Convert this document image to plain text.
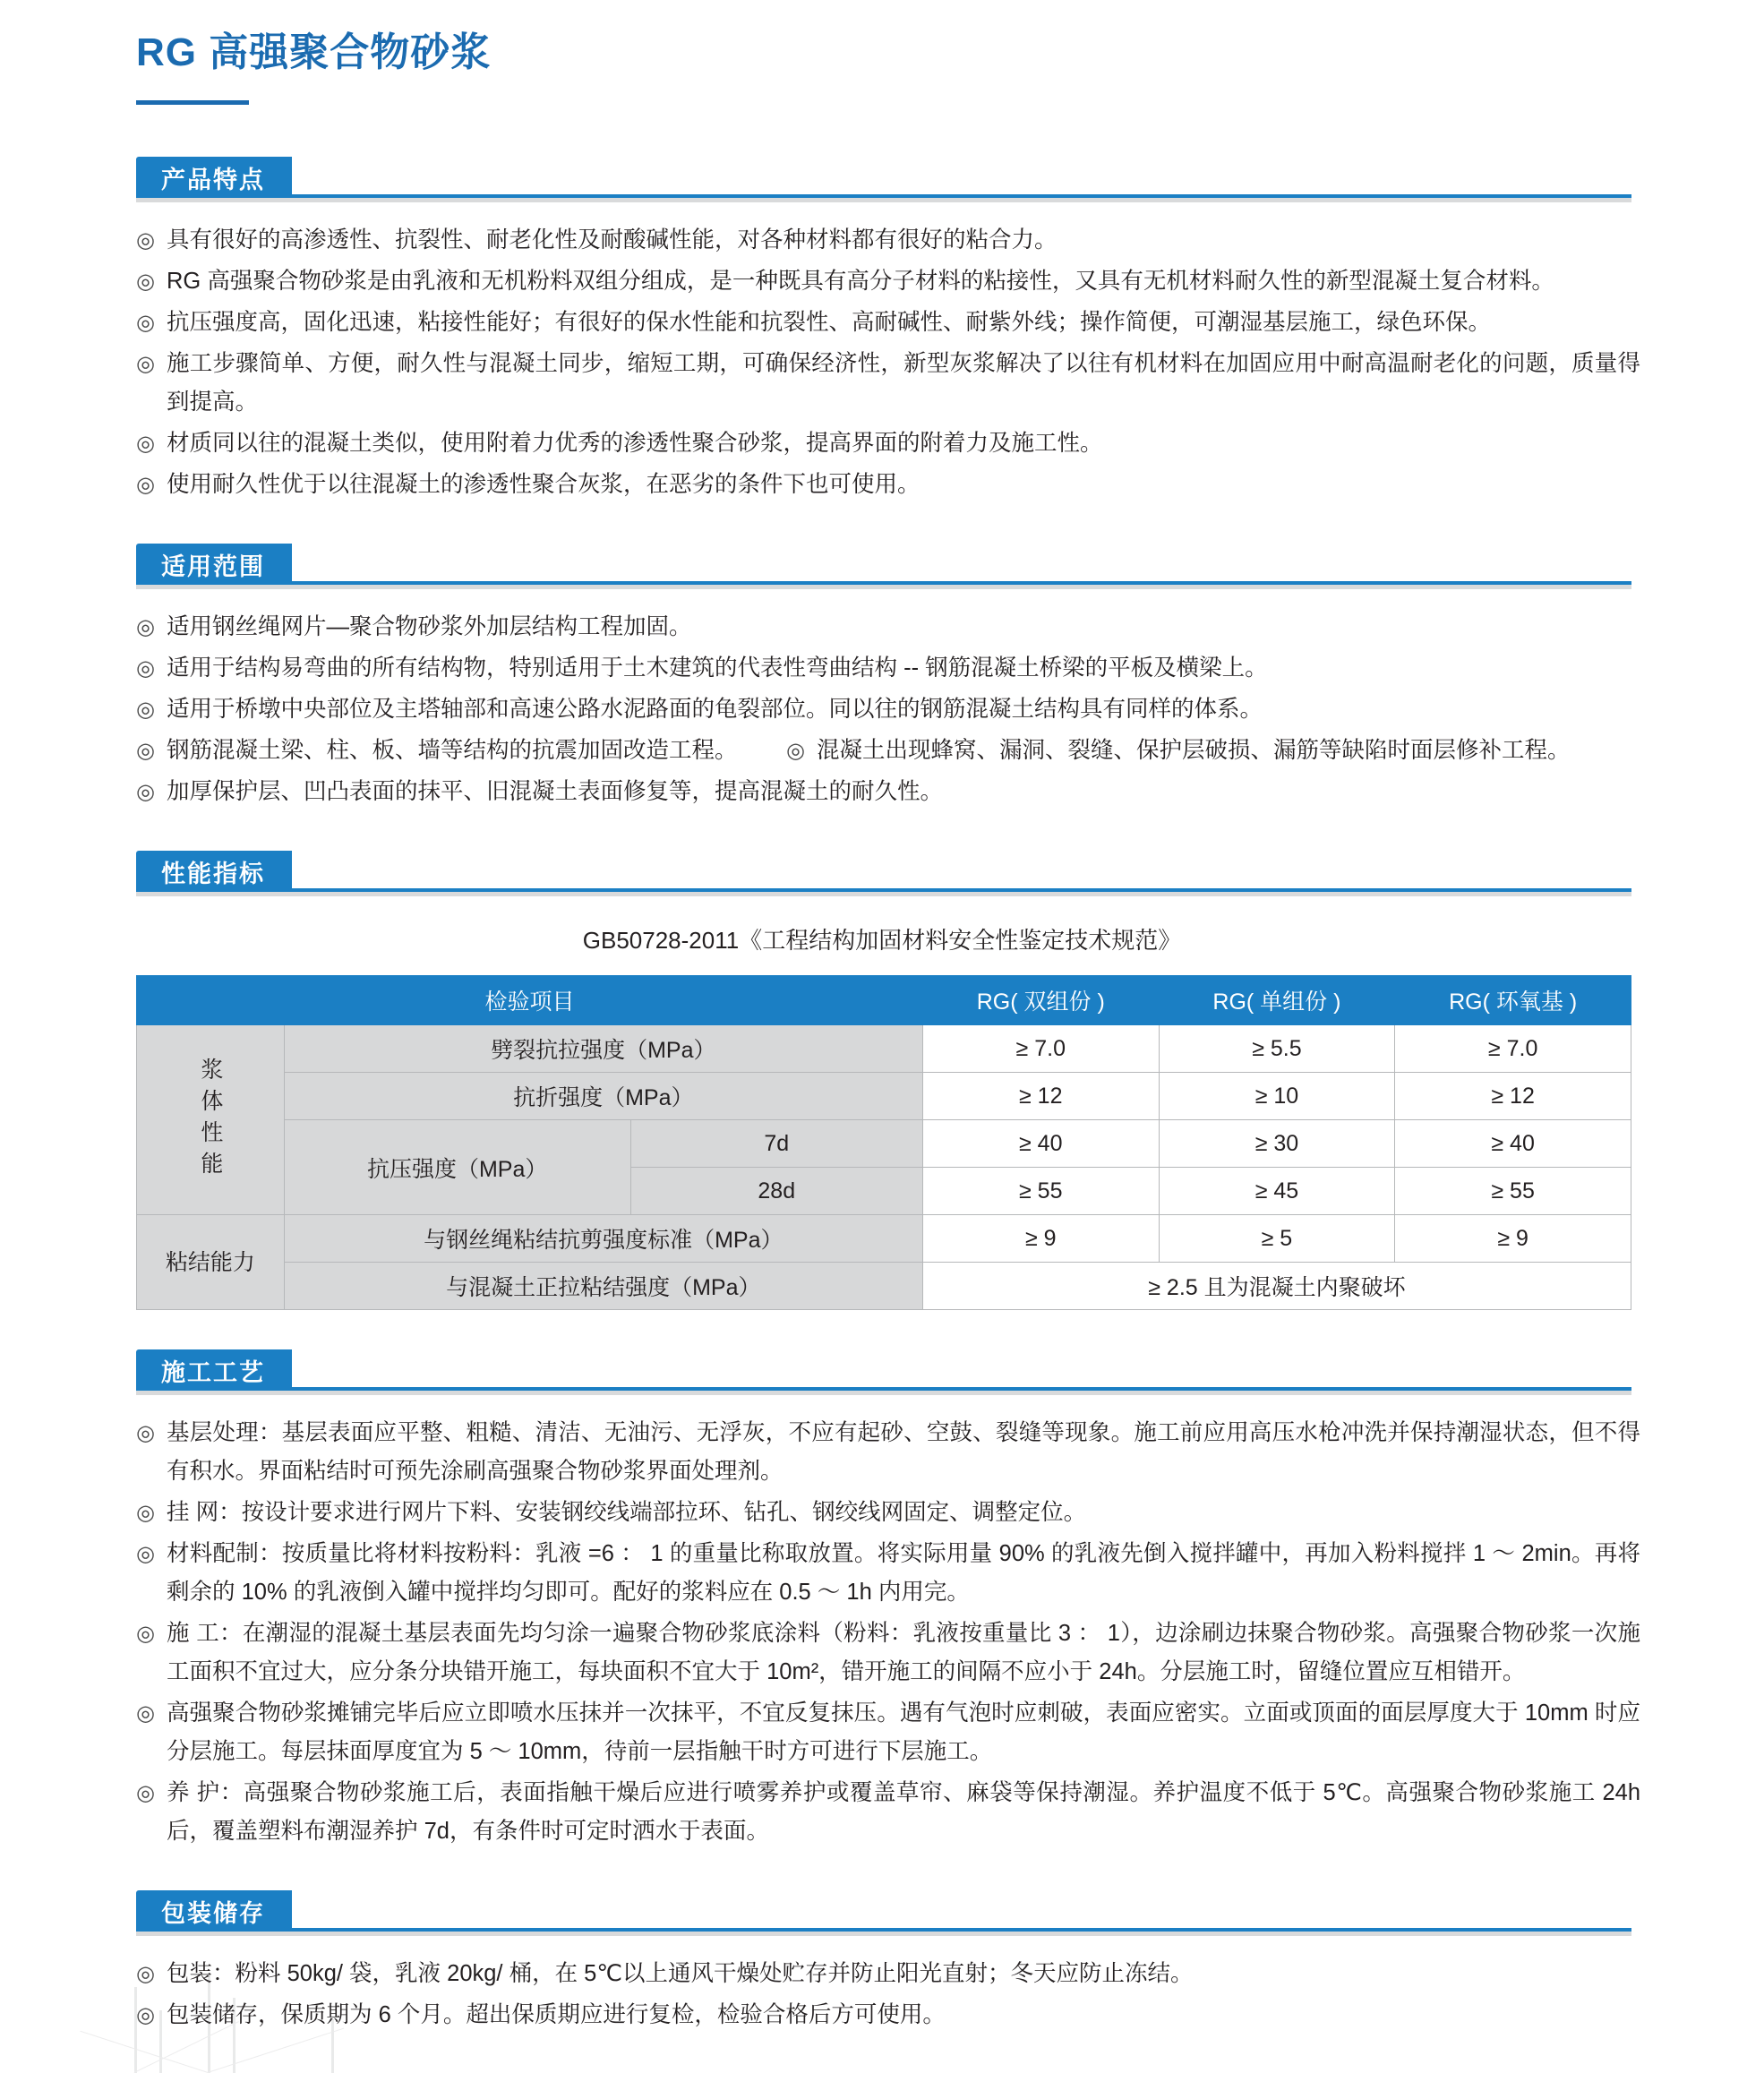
RG 高强聚合物砂浆
产品特点
◎ 具有很好的高渗透性、抗裂性、耐老化性及耐酸碱性能，对各种材料都有很好的粘合力。
◎ RG 高强聚合物砂浆是由乳液和无机粉料双组分组成，是一种既具有高分子材料的粘接性，又具有无机材料耐久性的新型混凝土复合材料。
◎ 抗压强度高，固化迅速，粘接性能好；有很好的保水性能和抗裂性、高耐碱性、耐紫外线；操作简便，可潮湿基层施工，绿色环保。
◎ 施工步骤简单、方便，耐久性与混凝土同步，缩短工期，可确保经济性，新型灰浆解决了以往有机材料在加固应用中耐高温耐老化的问题，质量得到提高。
◎ 材质同以往的混凝土类似，使用附着力优秀的渗透性聚合砂浆，提高界面的附着力及施工性。
◎ 使用耐久性优于以往混凝土的渗透性聚合灰浆，在恶劣的条件下也可使用。
适用范围
◎ 适用钢丝绳网片—聚合物砂浆外加层结构工程加固。
◎ 适用于结构易弯曲的所有结构物，特别适用于土木建筑的代表性弯曲结构 -- 钢筋混凝土桥梁的平板及横梁上。
◎ 适用于桥墩中央部位及主塔轴部和高速公路水泥路面的龟裂部位。同以往的钢筋混凝土结构具有同样的体系。
◎ 钢筋混凝土梁、柱、板、墙等结构的抗震加固改造工程。	◎ 混凝土出现蜂窝、漏洞、裂缝、保护层破损、漏筋等缺陷时面层修补工程。
◎ 加厚保护层、凹凸表面的抹平、旧混凝土表面修复等，提高混凝土的耐久性。
性能指标
GB50728-2011《工程结构加固材料安全性鉴定技术规范》
检验项目			RG( 双组份 )	RG( 单组份 )	RG( 环氧基 )

浆体性能	劈裂抗拉强度（MPa）		≥ 7.0	≥ 5.5	≥ 7.0
	抗折强度（MPa）		≥ 12	≥ 10	≥ 12
	抗压强度（MPa）	7d	≥ 40	≥ 30	≥ 40
		28d	≥ 55	≥ 45	≥ 55

粘结能力	与钢丝绳粘结抗剪强度标准（MPa）		≥ 9	≥ 5	≥ 9
	与混凝土正拉粘结强度（MPa）		≥ 2.5 且为混凝土内聚破坏		
施工工艺
◎ 基层处理：基层表面应平整、粗糙、清洁、无油污、无浮灰，不应有起砂、空鼓、裂缝等现象。施工前应用高压水枪冲洗并保持潮湿状态，但不得有积水。界面粘结时可预先涂刷高强聚合物砂浆界面处理剂。
◎ 挂 网：按设计要求进行网片下料、安装钢绞线端部拉环、钻孔、钢绞线网固定、调整定位。
◎ 材料配制：按质量比将材料按粉料：乳液 =6 ： 1 的重量比称取放置。将实际用量 90% 的乳液先倒入搅拌罐中，再加入粉料搅拌 1 ～ 2min。再将剩余的 10% 的乳液倒入罐中搅拌均匀即可。配好的浆料应在 0.5 ～ 1h 内用完。
◎ 施 工：在潮湿的混凝土基层表面先均匀涂一遍聚合物砂浆底涂料（粉料：乳液按重量比 3 ： 1），边涂刷边抹聚合物砂浆。高强聚合物砂浆一次施工面积不宜过大，应分条分块错开施工，每块面积不宜大于 10m²，错开施工的间隔不应小于 24h。分层施工时，留缝位置应互相错开。
◎ 高强聚合物砂浆摊铺完毕后应立即喷水压抹并一次抹平，不宜反复抹压。遇有气泡时应刺破，表面应密实。立面或顶面的面层厚度大于 10mm 时应分层施工。每层抹面厚度宜为 5 ～ 10mm，待前一层指触干时方可进行下层施工。
◎ 养 护：高强聚合物砂浆施工后，表面指触干燥后应进行喷雾养护或覆盖草帘、麻袋等保持潮湿。养护温度不低于 5℃。高强聚合物砂浆施工 24h 后，覆盖塑料布潮湿养护 7d，有条件时可定时洒水于表面。
包装储存
◎ 包装：粉料 50kg/ 袋，乳液 20kg/ 桶，在 5℃以上通风干燥处贮存并防止阳光直射；冬天应防止冻结。
◎ 包装储存，保质期为 6 个月。超出保质期应进行复检，检验合格后方可使用。
